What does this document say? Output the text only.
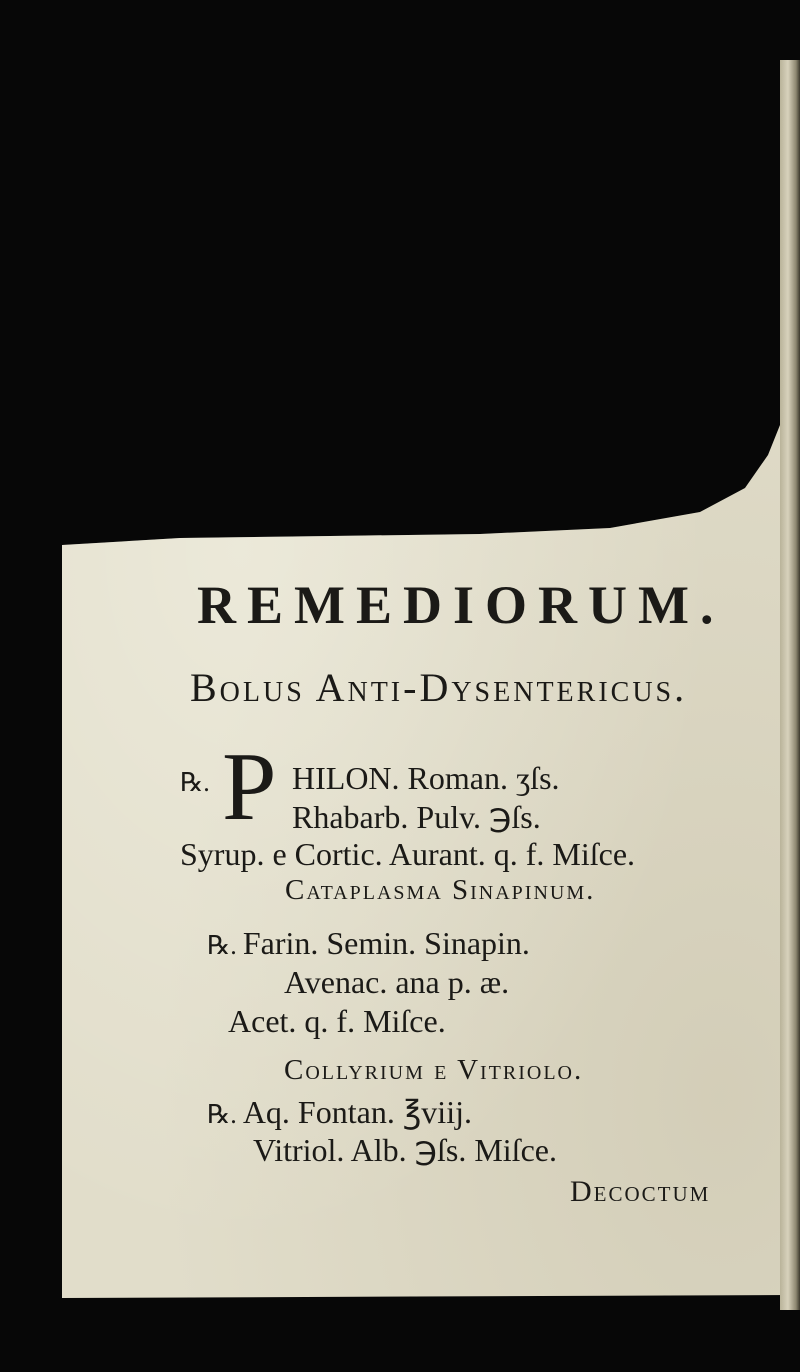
REMEDIORUM.
Bolus Anti-Dysentericus.
℞. P HILON. Roman. ʒſs.
Rhabarb. Pulv. ℈ſs.
Syrup. e Cortic. Aurant. q. f. Miſce.
Cataplasma Sinapinum.
℞. Farin. Semin. Sinapin.
Avenac. ana p. æ.
Acet. q. f. Miſce.
Collyrium e Vitriolo.
℞. Aq. Fontan. ℥viij.
Vitriol. Alb. ℈ſs. Miſce.
Decoctum
